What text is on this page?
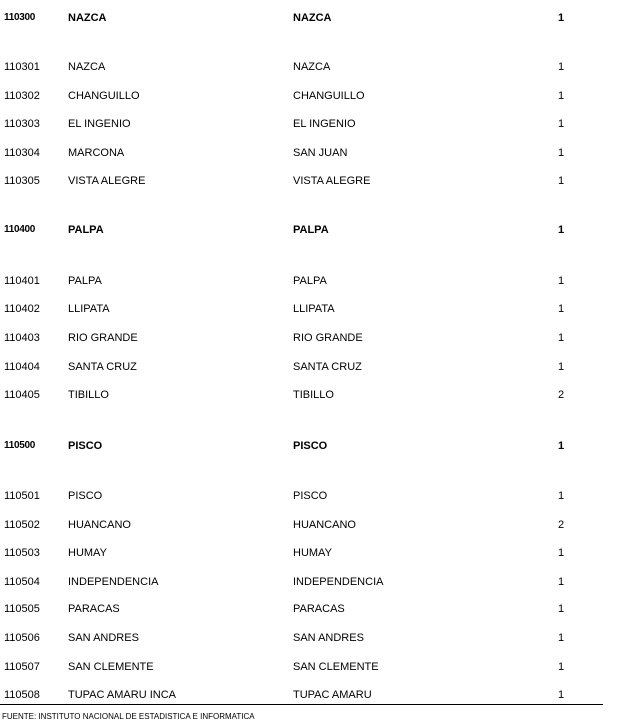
110300	NAZCA	NAZCA	1
110301	NAZCA	NAZCA	1
110302	CHANGUILLO	CHANGUILLO	1
110303	EL INGENIO	EL INGENIO	1
110304	MARCONA	SAN JUAN	1
110305	VISTA ALEGRE	VISTA ALEGRE	1
110400	PALPA	PALPA	1
110401	PALPA	PALPA	1
110402	LLIPATA	LLIPATA	1
110403	RIO GRANDE	RIO GRANDE	1
110404	SANTA CRUZ	SANTA CRUZ	1
110405	TIBILLO	TIBILLO	2
110500	PISCO	PISCO	1
110501	PISCO	PISCO	1
110502	HUANCANO	HUANCANO	2
110503	HUMAY	HUMAY	1
110504	INDEPENDENCIA	INDEPENDENCIA	1
110505	PARACAS	PARACAS	1
110506	SAN ANDRES	SAN ANDRES	1
110507	SAN CLEMENTE	SAN CLEMENTE	1
110508	TUPAC AMARU INCA	TUPAC AMARU	1
FUENTE: INSTITUTO NACIONAL DE ESTADISTICA E INFORMATICA
